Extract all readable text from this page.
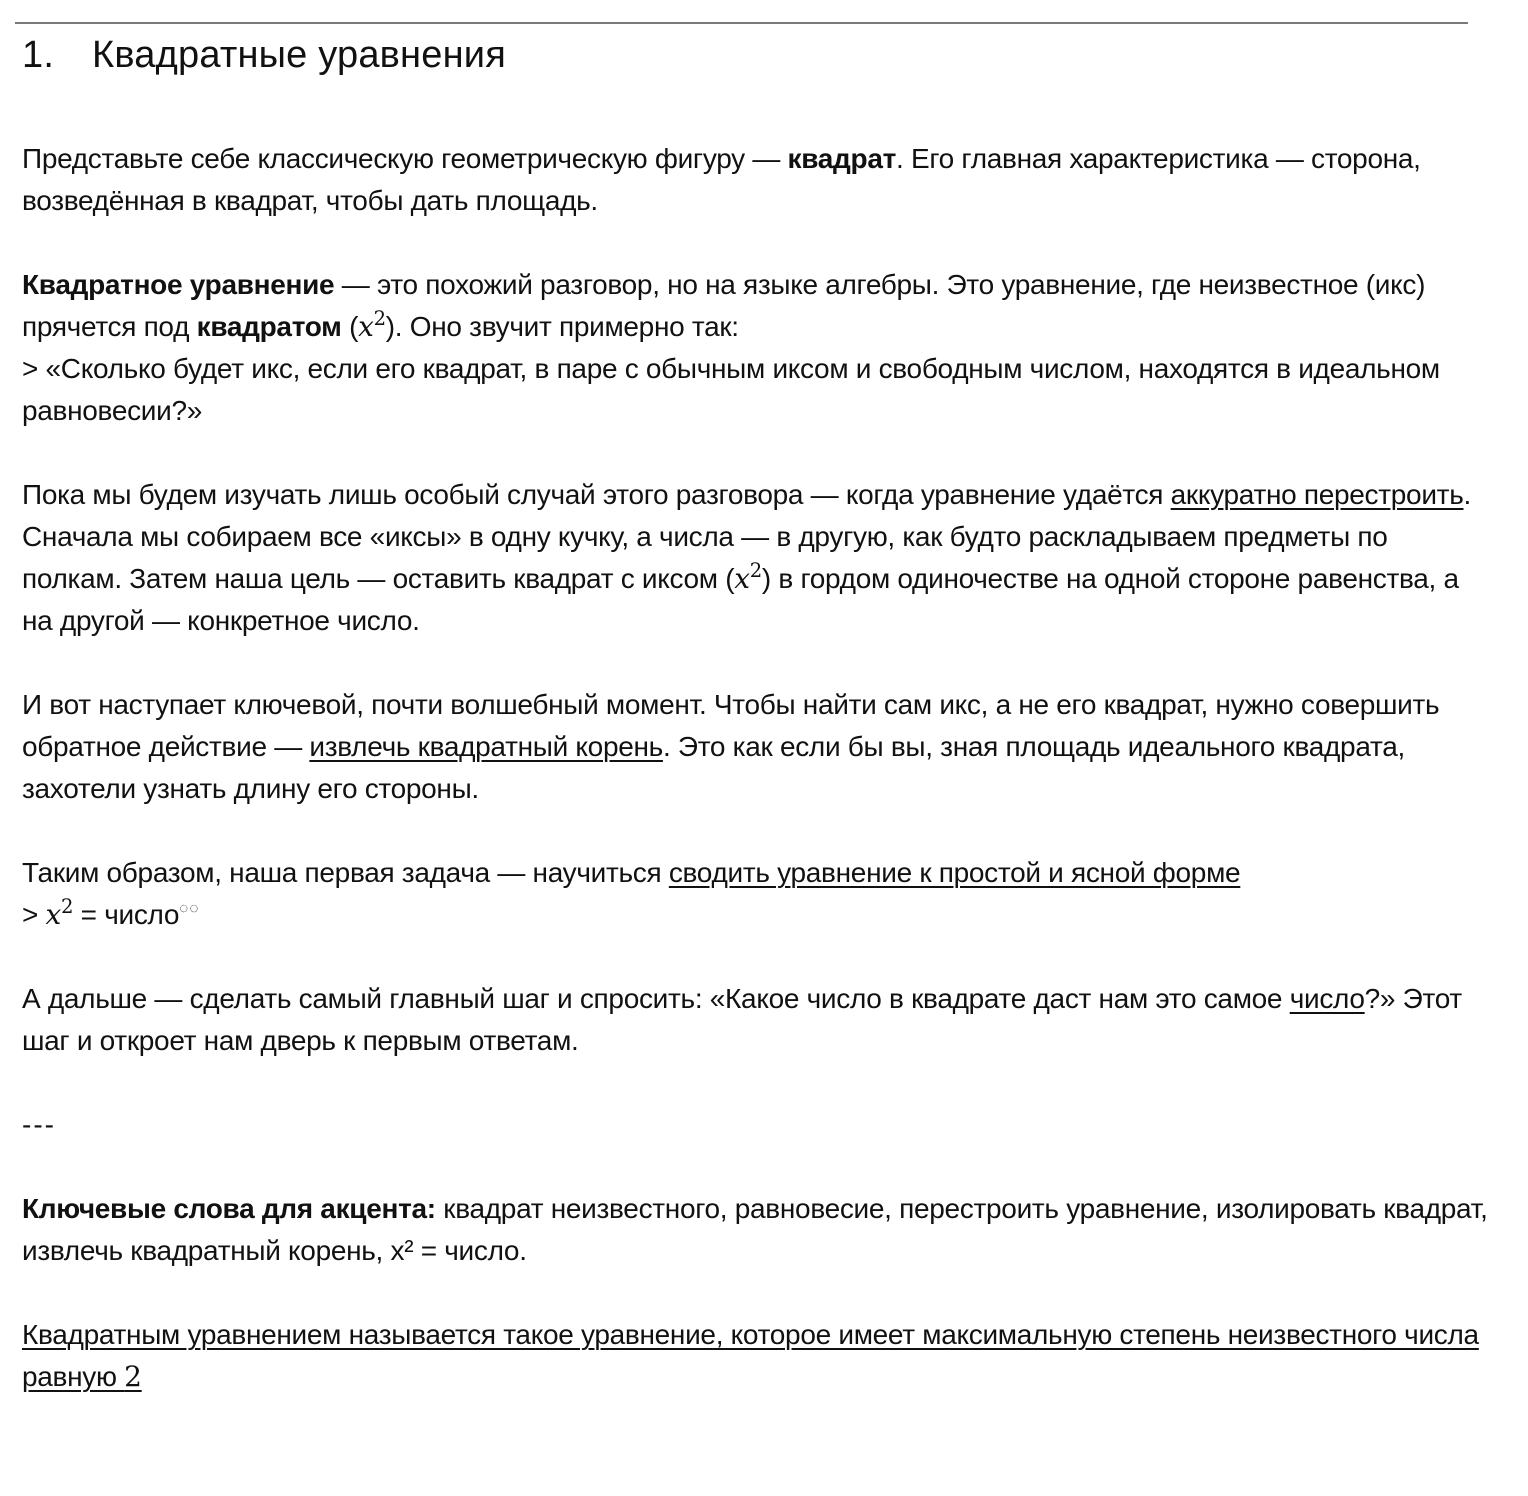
1. Квадратные уравнения

Представьте себе классическую геометрическую фигуру — квадрат. Его главная характеристика — сторона, возведённая в квадрат, чтобы дать площадь.

Квадратное уравнение — это похожий разговор, но на языке алгебры. Это уравнение, где неизвестное (икс) прячется под квадратом $(x^2)$. Оно звучит примерно так:
> «Сколько будет икс, если его квадрат, в паре с обычным иксом и свободным числом, находятся в идеальном равновесии?»

Пока мы будем изучать лишь особый случай этого разговора — когда уравнение удаётся аккуратно перестроить. Сначала мы собираем все «иксы» в одну кучку, а числа — в другую, как будто раскладываем предметы по полкам. Затем наша цель — оставить квадрат с иксом $(x^2)$ в гордом одиночестве на одной стороне равенства, а на другой — конкретное число.

И вот наступает ключевой, почти волшебный момент. Чтобы найти сам икс, а не его квадрат, нужно совершить обратное действие — извлечь квадратный корень. Это как если бы вы, зная площадь идеального квадрата, захотели узнать длину его стороны.

Таким образом, наша первая задача — научиться сводить уравнение к простой и ясной форме
> $x^2$ = число◌◌

А дальше — сделать самый главный шаг и спросить: «Какое число в квадрате даст нам это самое число?» Этот шаг и откроет нам дверь к первым ответам.

---

Ключевые слова для акцента: квадрат неизвестного, равновесие, перестроить уравнение, изолировать квадрат, извлечь квадратный корень, x² = число.

Квадратным уравнением называется такое уравнение, которое имеет максимальную степень неизвестного числа равную 2
